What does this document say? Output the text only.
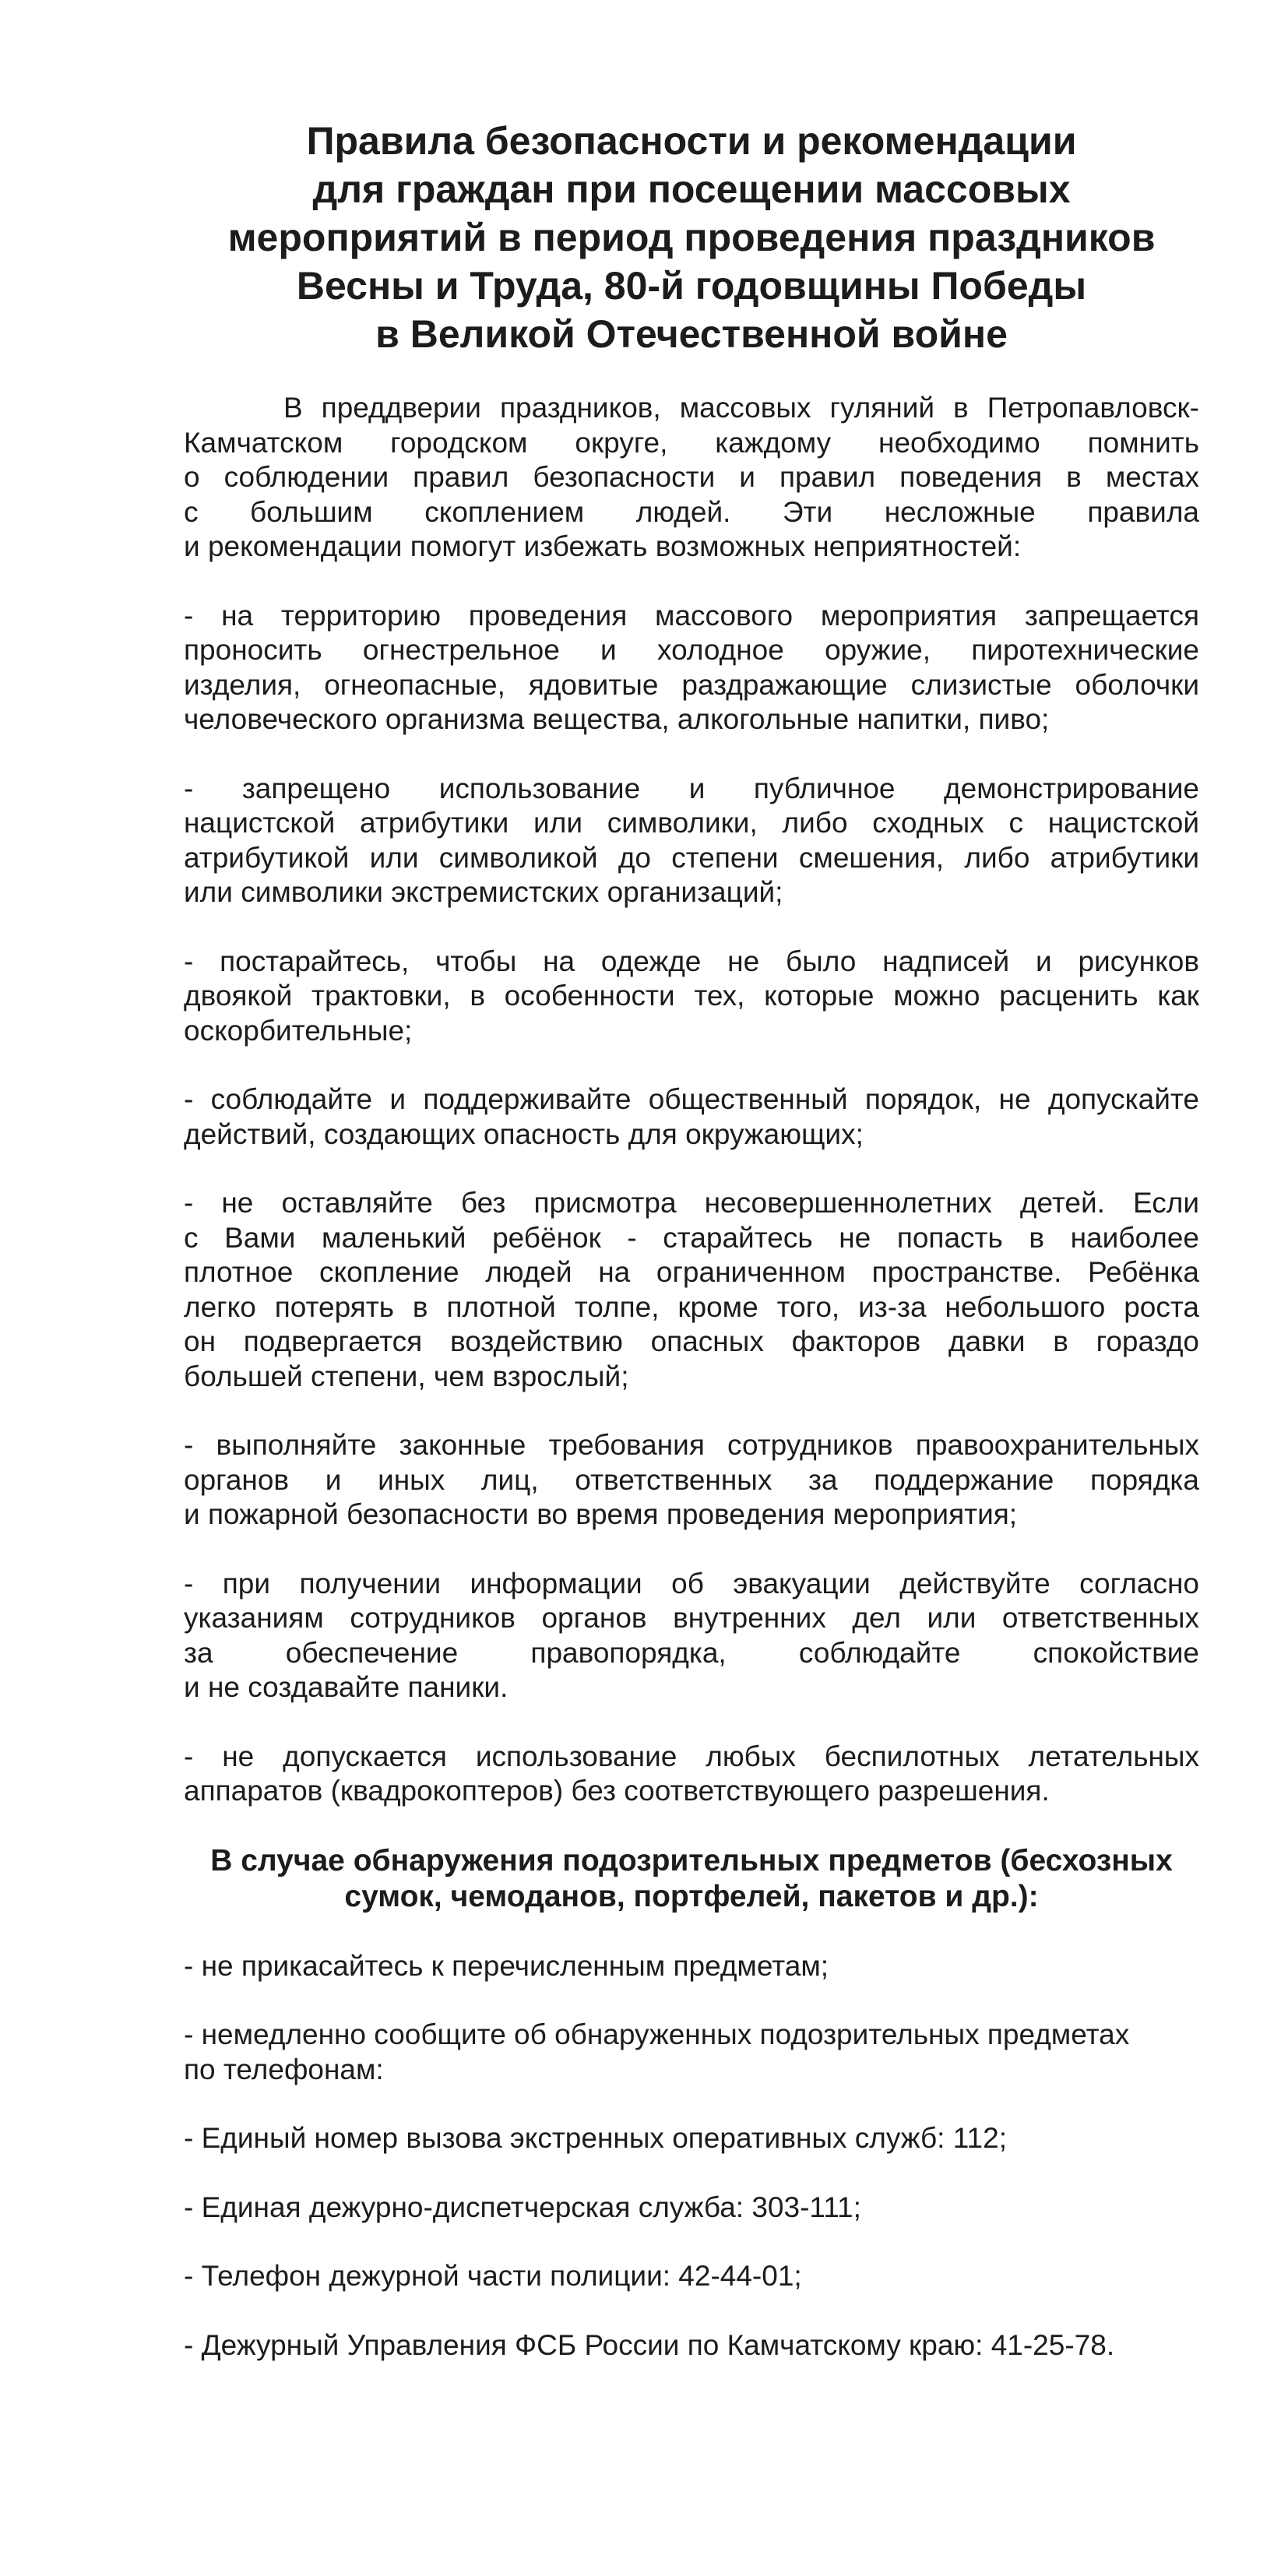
Правила безопасности и рекомендации
для граждан при посещении массовых
мероприятий в период проведения праздников
Весны и Труда, 80-й годовщины Победы
в Великой Отечественной войне

В преддверии праздников, массовых гуляний в Петропавловск-
Камчатском городском округе, каждому необходимо помнить
о соблюдении правил безопасности и правил поведения в местах
с большим скоплением людей. Эти несложные правила
и рекомендации помогут избежать возможных неприятностей:

- на территорию проведения массового мероприятия запрещается
проносить огнестрельное и холодное оружие, пиротехнические
изделия, огнеопасные, ядовитые раздражающие слизистые оболочки
человеческого организма вещества, алкогольные напитки, пиво;

- запрещено использование и публичное демонстрирование
нацистской атрибутики или символики, либо сходных с нацистской
атрибутикой или символикой до степени смешения, либо атрибутики
или символики экстремистских организаций;

- постарайтесь, чтобы на одежде не было надписей и рисунков
двоякой трактовки, в особенности тех, которые можно расценить как
оскорбительные;

- соблюдайте и поддерживайте общественный порядок, не допускайте
действий, создающих опасность для окружающих;

- не оставляйте без присмотра несовершеннолетних детей. Если
с Вами маленький ребёнок - старайтесь не попасть в наиболее
плотное скопление людей на ограниченном пространстве. Ребёнка
легко потерять в плотной толпе, кроме того, из-за небольшого роста
он подвергается воздействию опасных факторов давки в гораздо
большей степени, чем взрослый;

- выполняйте законные требования сотрудников правоохранительных
органов и иных лиц, ответственных за поддержание порядка
и пожарной безопасности во время проведения мероприятия;

- при получении информации об эвакуации действуйте согласно
указаниям сотрудников органов внутренних дел или ответственных
за обеспечение правопорядка, соблюдайте спокойствие
и не создавайте паники.

- не допускается использование любых беспилотных летательных
аппаратов (квадрокоптеров) без соответствующего разрешения.

В случае обнаружения подозрительных предметов (бесхозных
сумок, чемоданов, портфелей, пакетов и др.):

- не прикасайтесь к перечисленным предметам;

- немедленно сообщите об обнаруженных подозрительных предметах
по телефонам:

- Единый номер вызова экстренных оперативных служб: 112;

- Единая дежурно-диспетчерская служба: 303-111;

- Телефон дежурной части полиции: 42-44-01;

- Дежурный Управления ФСБ России по Камчатскому краю: 41-25-78.
